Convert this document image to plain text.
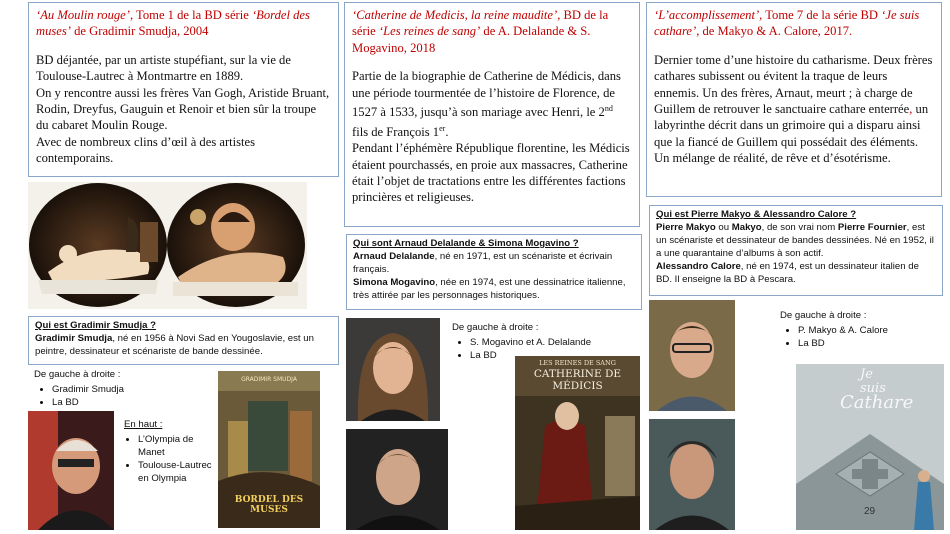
‘Au Moulin rouge’, Tome 1 de la BD série ‘Bordel des muses’ de Gradimir Smudja, 2004

BD déjantée, par un artiste stupéfiant, sur la vie de Toulouse-Lautrec à Montmartre en 1889.

On y rencontre aussi les frères Van Gogh, Aristide Bruant, Rodin, Dreyfus, Gauguin et Renoir et bien sûr la troupe du cabaret Moulin Rouge.

Avec de nombreux clins d’œil à des artistes contemporains.

Qui est Gradimir Smudja ?

Gradimir Smudja, né en 1956 à Novi Sad en Yougoslavie, est un peintre, dessinateur et scénariste de bande dessinée.

De gauche à droite :

• Gradimir Smudja
• La BD

En haut :

• L’Olympia de Manet
• Toulouse-Lautrec en Olympia
GRADIMIR SMUDJA
BORDEL DES MUSES

‘Catherine de Medicis, la reine maudite’, BD de la série ‘Les reines de sang’ de A. Delalande & S. Mogavino, 2018

Partie de la biographie de Catherine de Médicis, dans une période tourmentée de l’histoire de Florence, de 1527 à 1533, jusqu’à son mariage avec Henri, le 2nd fils de François 1er.

Pendant l’éphémère République florentine, les Médicis étaient pourchassés, en proie aux massacres, Catherine était l’objet de tractations entre les différentes factions princières et religieuses.

Qui sont Arnaud Delalande & Simona Mogavino ?

Arnaud Delalande, né en 1971, est un scénariste et écrivain français.

Simona Mogavino, née en 1974, est une dessinatrice italienne, très attirée par les personnages historiques.

De gauche à droite :

• S. Mogavino et A. Delalande
• La BD
LES REINES DE SANG
CATHERINE DE MÉDICIS

‘L’accomplissement’, Tome 7 de la série BD ‘Je suis cathare’, de Makyo & A. Calore, 2017.

Dernier tome d’une histoire du catharisme. Deux frères cathares subissent ou évitent la traque de leurs ennemis. Un des frères, Arnaut, meurt ; à charge de Guillem de retrouver le sanctuaire cathare enterrée, un labyrinthe décrit dans un grimoire qui a disparu ainsi que la fiancé de Guillem qui possédait des éléments.

Un mélange de réalité, de rêve et d’ésotérisme.

Qui est Pierre Makyo & Alessandro Calore ?

Pierre Makyo ou Makyo, de son vrai nom Pierre Fournier, est un scénariste et dessinateur de bandes dessinées. Né en 1952, il a une quarantaine d’albums à son actif.

Alessandro Calore, né en 1974, est un dessinateur italien de BD. Il enseigne la BD à Pescara.

De gauche à droite :

• P. Makyo & A. Calore
• La BD
Je
suis
Cathare
29
